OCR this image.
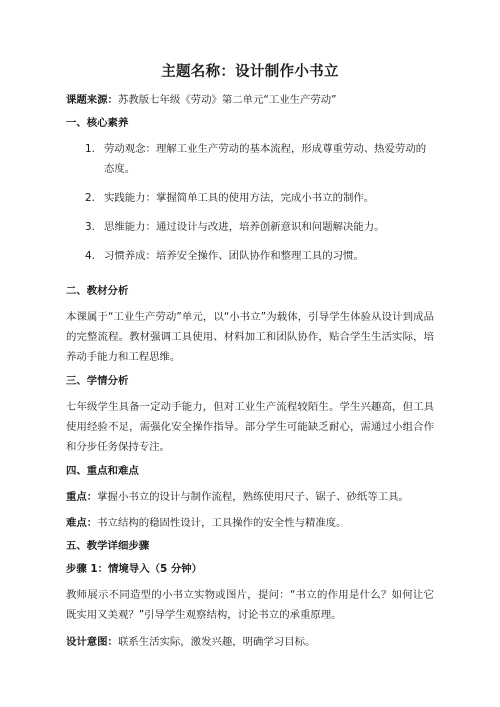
主题名称：设计制作小书立
课题来源：苏教版七年级《劳动》第二单元“工业生产劳动”
一、核心素养
1. 劳动观念：理解工业生产劳动的基本流程，形成尊重劳动、热爱劳动的态度。
2. 实践能力：掌握简单工具的使用方法，完成小书立的制作。
3. 思维能力：通过设计与改进，培养创新意识和问题解决能力。
4. 习惯养成：培养安全操作、团队协作和整理工具的习惯。
二、教材分析

本课属于“工业生产劳动”单元，以“小书立”为载体，引导学生体验从设计到成品的完整流程。教材强调工具使用、材料加工和团队协作，贴合学生生活实际，培养动手能力和工程思维。

三、学情分析

七年级学生具备一定动手能力，但对工业生产流程较陌生。学生兴趣高，但工具使用经验不足，需强化安全操作指导。部分学生可能缺乏耐心，需通过小组合作和分步任务保持专注。

四、重点和难点
重点：掌握小书立的设计与制作流程，熟练使用尺子、锯子、砂纸等工具。
难点：书立结构的稳固性设计，工具操作的安全性与精准度。
五、教学详细步骤
步骤 1：情境导入（5 分钟）

教师展示不同造型的小书立实物或图片，提问：“书立的作用是什么？如何让它既实用又美观？”引导学生观察结构，讨论书立的承重原理。

设计意图：联系生活实际，激发兴趣，明确学习目标。
